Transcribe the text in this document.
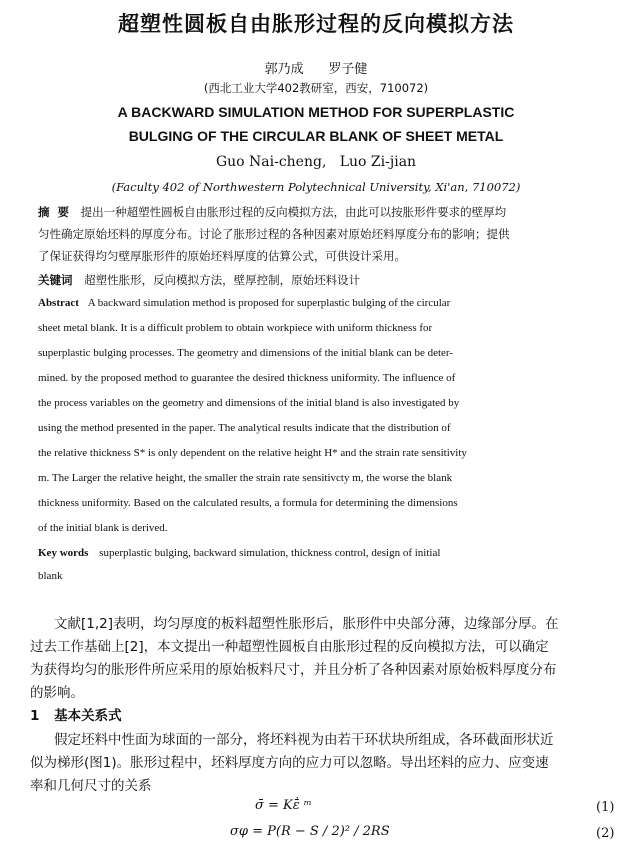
超塑性圆板自由胀形过程的反向模拟方法
郭乃成      罗子健
(西北工业大学402教研室，西安，710072)
A BACKWARD SIMULATION METHOD FOR SUPERPLASTIC
BULGING OF THE CIRCULAR BLANK OF SHEET METAL
Guo Nai-cheng,   Luo Zi-jian
(Faculty 402 of Northwestern Polytechnical University, Xi'an, 710072)
摘  要 提出一种超塑性圆板自由胀形过程的反向模拟方法，由此可以按胀形件要求的壁厚均
匀性确定原始坯料的厚度分布。讨论了胀形过程的各种因素对原始坯料厚度分布的影响；提供
了保证获得均匀壁厚胀形件的原始坯料厚度的估算公式，可供设计采用。
关键词 超塑性胀形，反向模拟方法，壁厚控制，原始坯料设计
Abstract A backward simulation method is proposed for superplastic bulging of the circular
sheet metal blank. It is a difficult problem to obtain workpiece with uniform thickness for
superplastic bulging processes. The geometry and dimensions of the initial blank can be deter-
mined. by the proposed method to guarantee the desired thickness uniformity. The influence of
the process variables on the geometry and dimensions of the initial bland is also investigated by
using the method presented in the paper. The analytical results indicate that the distribution of
the relative thickness S* is only dependent on the relative height H* and the strain rate sensitivity
m. The Larger the relative height, the smaller the strain rate sensitivcty m, the worse the blank
thickness uniformity. Based on the calculated results, a formula for determining the dimensions
of the initial blank is derived.
Key words superplastic bulging, backward simulation, thickness control, design of initial
blank
文献[1,2]表明，均匀厚度的板料超塑性胀形后，胀形件中央部分薄，边缘部分厚。在
过去工作基础上[2]，本文提出一种超塑性圆板自由胀形过程的反向模拟方法，可以确定
为获得均匀的胀形件所应采用的原始板料尺寸，并且分析了各种因素对原始板料厚度分布
的影响。
1 基本关系式
假定坯料中性面为球面的一部分，将坯料视为由若干环状块所组成，各环截面形状近
似为梯形(图1)。胀形过程中，坯料厚度方向的应力可以忽略。导出坯料的应力、应变速
率和几何尺寸的关系
σ̄ = Kε̄̇ ᵐ	(1)
σφ = P(R − S / 2)² / 2RS	(2)
